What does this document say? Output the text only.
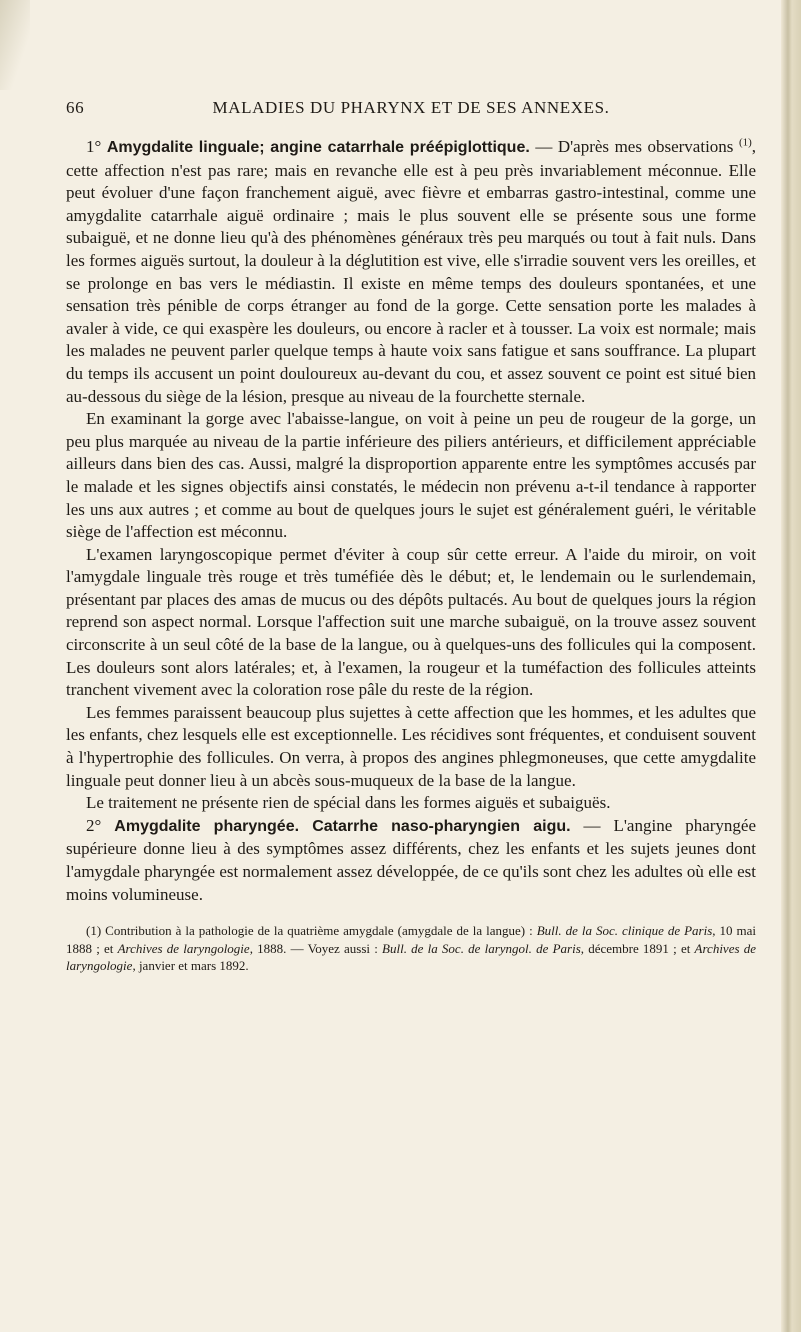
66	MALADIES DU PHARYNX ET DE SES ANNEXES.

1° Amygdalite linguale; angine catarrhale préépiglottique. — D'après mes observations $^{(1)}$, cette affection n'est pas rare; mais en revanche elle est à peu près invariablement méconnue. Elle peut évoluer d'une façon franchement aiguë, avec fièvre et embarras gastro-intestinal, comme une amygdalite catarrhale aiguë ordinaire ; mais le plus souvent elle se présente sous une forme subaiguë, et ne donne lieu qu'à des phénomènes généraux très peu marqués ou tout à fait nuls. Dans les formes aiguës surtout, la douleur à la déglutition est vive, elle s'irradie souvent vers les oreilles, et se prolonge en bas vers le médiastin. Il existe en même temps des douleurs spontanées, et une sensation très pénible de corps étranger au fond de la gorge. Cette sensation porte les malades à avaler à vide, ce qui exaspère les douleurs, ou encore à racler et à tousser. La voix est normale; mais les malades ne peuvent parler quelque temps à haute voix sans fatigue et sans souffrance. La plupart du temps ils accusent un point douloureux au-devant du cou, et assez souvent ce point est situé bien au-dessous du siège de la lésion, presque au niveau de la fourchette sternale.

En examinant la gorge avec l'abaisse-langue, on voit à peine un peu de rougeur de la gorge, un peu plus marquée au niveau de la partie inférieure des piliers antérieurs, et difficilement appréciable ailleurs dans bien des cas. Aussi, malgré la disproportion apparente entre les symptômes accusés par le malade et les signes objectifs ainsi constatés, le médecin non prévenu a-t-il tendance à rapporter les uns aux autres ; et comme au bout de quelques jours le sujet est généralement guéri, le véritable siège de l'affection est méconnu.

L'examen laryngoscopique permet d'éviter à coup sûr cette erreur. A l'aide du miroir, on voit l'amygdale linguale très rouge et très tuméfiée dès le début; et, le lendemain ou le surlendemain, présentant par places des amas de mucus ou des dépôts pultacés. Au bout de quelques jours la région reprend son aspect normal. Lorsque l'affection suit une marche subaiguë, on la trouve assez souvent circonscrite à un seul côté de la base de la langue, ou à quelques-uns des follicules qui la composent. Les douleurs sont alors latérales; et, à l'examen, la rougeur et la tuméfaction des follicules atteints tranchent vivement avec la coloration rose pâle du reste de la région.

Les femmes paraissent beaucoup plus sujettes à cette affection que les hommes, et les adultes que les enfants, chez lesquels elle est exceptionnelle. Les récidives sont fréquentes, et conduisent souvent à l'hypertrophie des follicules. On verra, à propos des angines phlegmoneuses, que cette amygdalite linguale peut donner lieu à un abcès sous-muqueux de la base de la langue.

Le traitement ne présente rien de spécial dans les formes aiguës et subaiguës.

2° Amygdalite pharyngée. Catarrhe naso-pharyngien aigu. — L'angine pharyngée supérieure donne lieu à des symptômes assez différents, chez les enfants et les sujets jeunes dont l'amygdale pharyngée est normalement assez développée, de ce qu'ils sont chez les adultes où elle est moins volumineuse.

(1) Contribution à la pathologie de la quatrième amygdale (amygdale de la langue) : Bull. de la Soc. clinique de Paris, 10 mai 1888 ; et Archives de laryngologie, 1888. — Voyez aussi : Bull. de la Soc. de laryngol. de Paris, décembre 1891 ; et Archives de laryngologie, janvier et mars 1892.
